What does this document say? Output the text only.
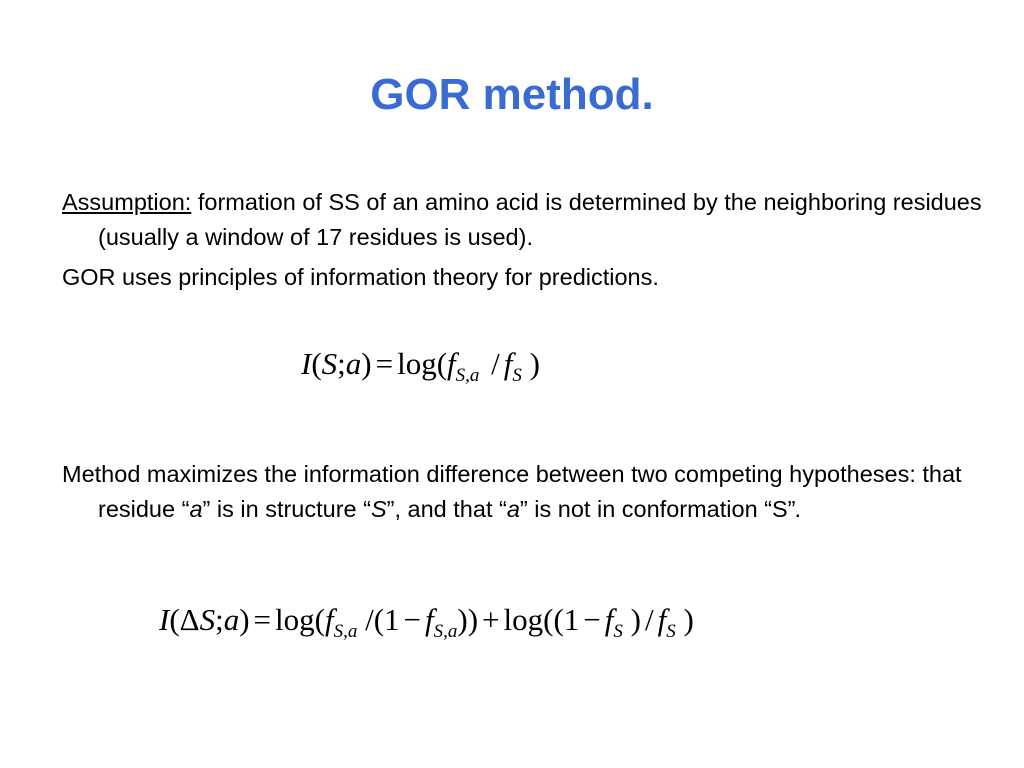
GOR method.
Assumption: formation of SS of an amino acid is determined by the neighboring residues (usually a window of 17 residues is used).
GOR uses principles of information theory for predictions.
I(S;a) = $\log(f_{S,a} / f_S$ )
Method maximizes the information difference between two competing hypotheses: that residue “a” is in structure “S”, and that “a” is not in conformation “S”.
I(ΔS;a) = $\log(f_{S,a}$ $/(1 - f_{S,a})) + \log((1 - f_S$ ) / $f_S$ )
